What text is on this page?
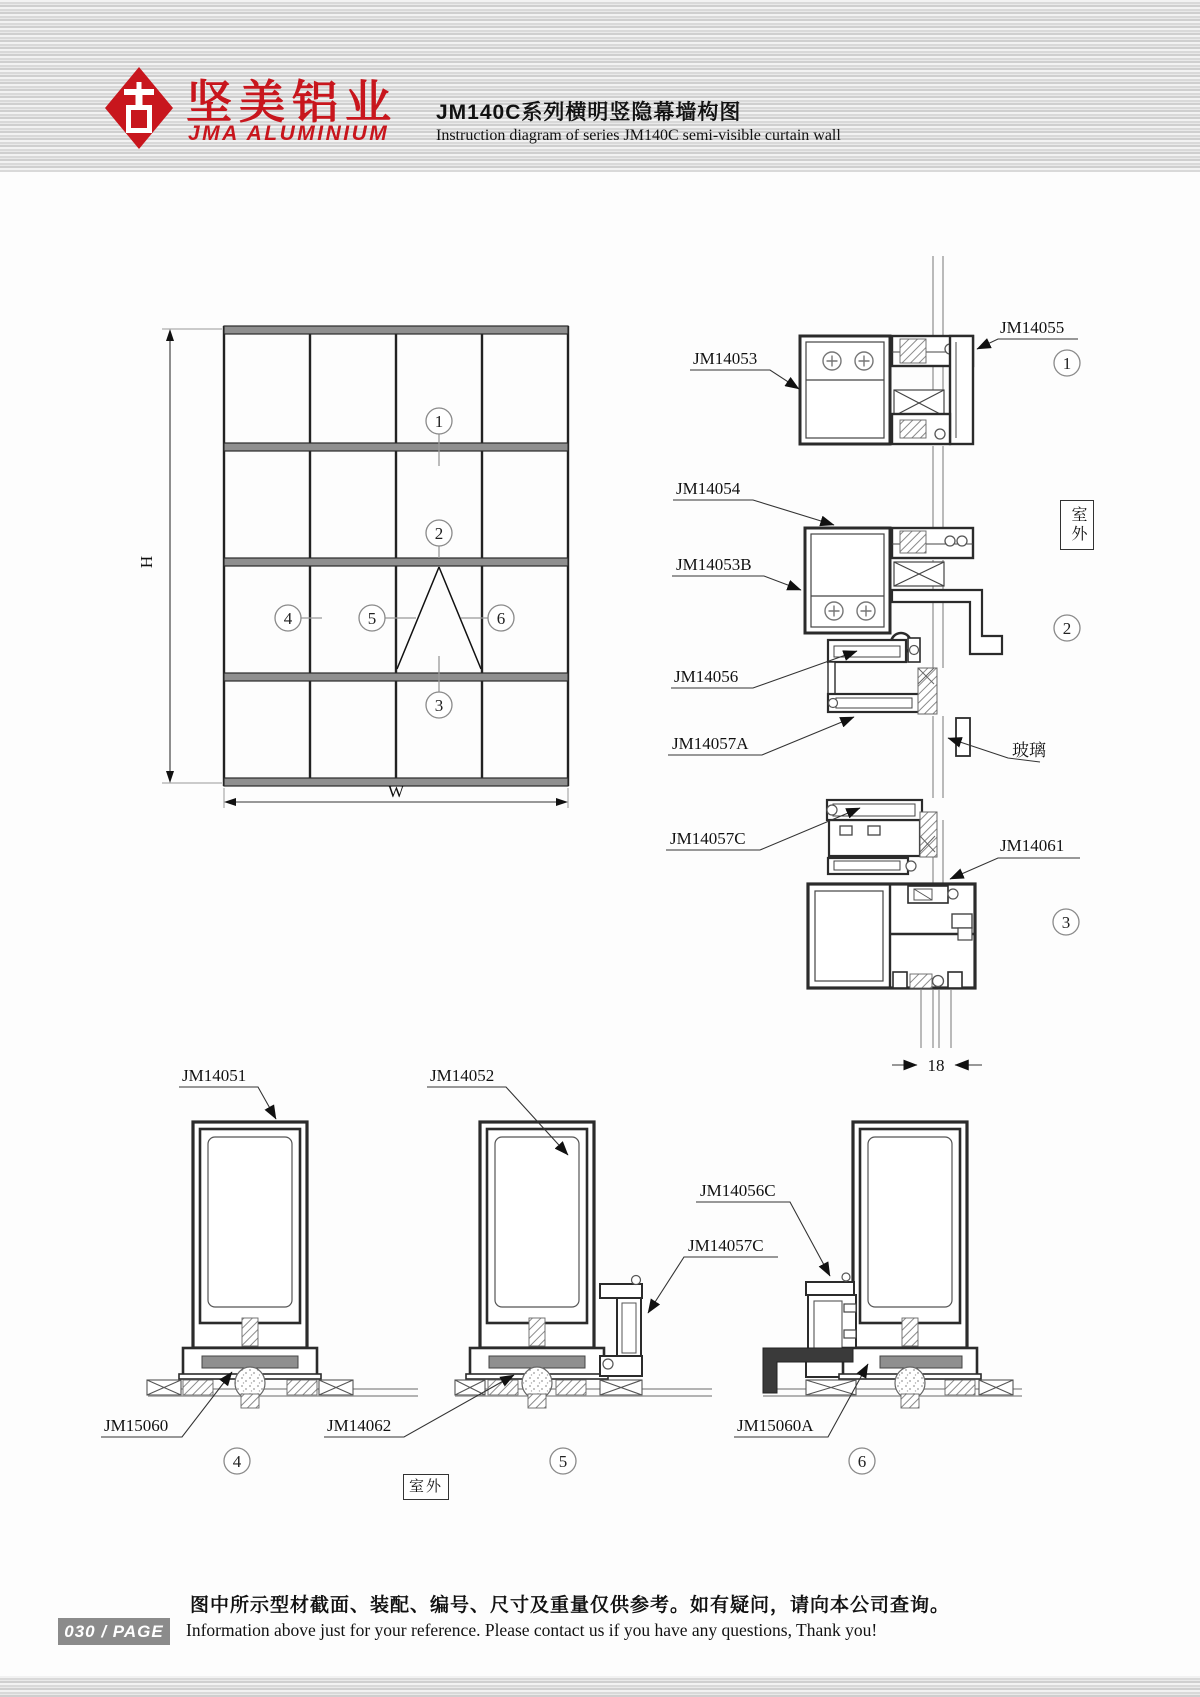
坚美铝业
JMA ALUMINIUM
JM140C系列横明竖隐幕墙构图
Instruction diagram of series JM140C semi-visible curtain wall
H
W
1
2
3
4	5	6
JM14053
JM14055
1
JM14054
JM14053B
JM14056
JM14057A	玻璃
2
JM14057C	JM14061
3
18
JM14051
JM15060
4
JM14052
JM14062
5
JM14056C
JM14057C
JM15060A
6
室外
室外
030 / PAGE
图中所示型材截面、装配、编号、尺寸及重量仅供参考。如有疑问，请向本公司查询。
Information above just for your reference. Please contact us if you have any questions, Thank you!
